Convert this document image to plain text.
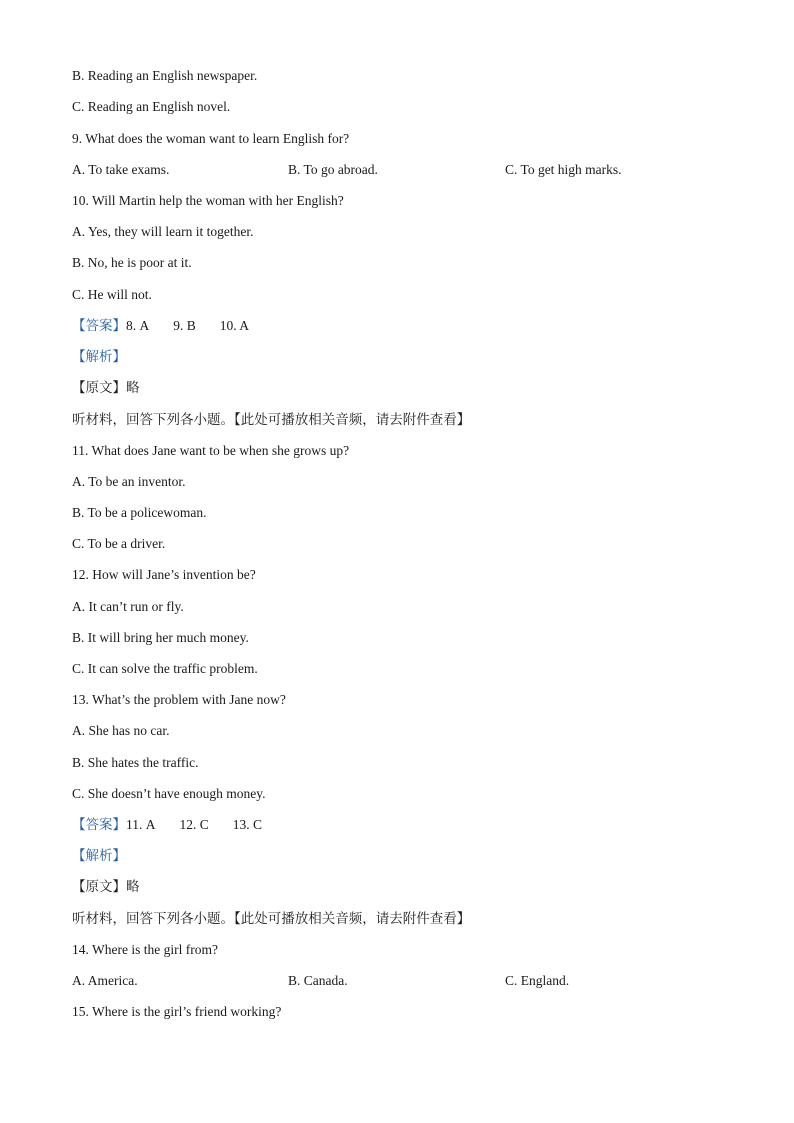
B. Reading an English newspaper.
C. Reading an English novel.
9. What does the woman want to learn English for?
A. To take exams.	B. To go abroad.	C. To get high marks.
10. Will Martin help the woman with her English?
A. Yes, they will learn it together.
B. No, he is poor at it.
C. He will not.
【答案】8. A 9. B 10. A
【解析】
【原文】略
听材料，回答下列各小题。【此处可播放相关音频，请去附件查看】
11. What does Jane want to be when she grows up?
A. To be an inventor.
B. To be a policewoman.
C. To be a driver.
12. How will Jane’s invention be?
A. It can’t run or fly.
B. It will bring her much money.
C. It can solve the traffic problem.
13. What’s the problem with Jane now?
A. She has no car.
B. She hates the traffic.
C. She doesn’t have enough money.
【答案】11. A 12. C 13. C
【解析】
【原文】略
听材料，回答下列各小题。【此处可播放相关音频，请去附件查看】
14. Where is the girl from?
A. America.	B. Canada.	C. England.
15. Where is the girl’s friend working?
